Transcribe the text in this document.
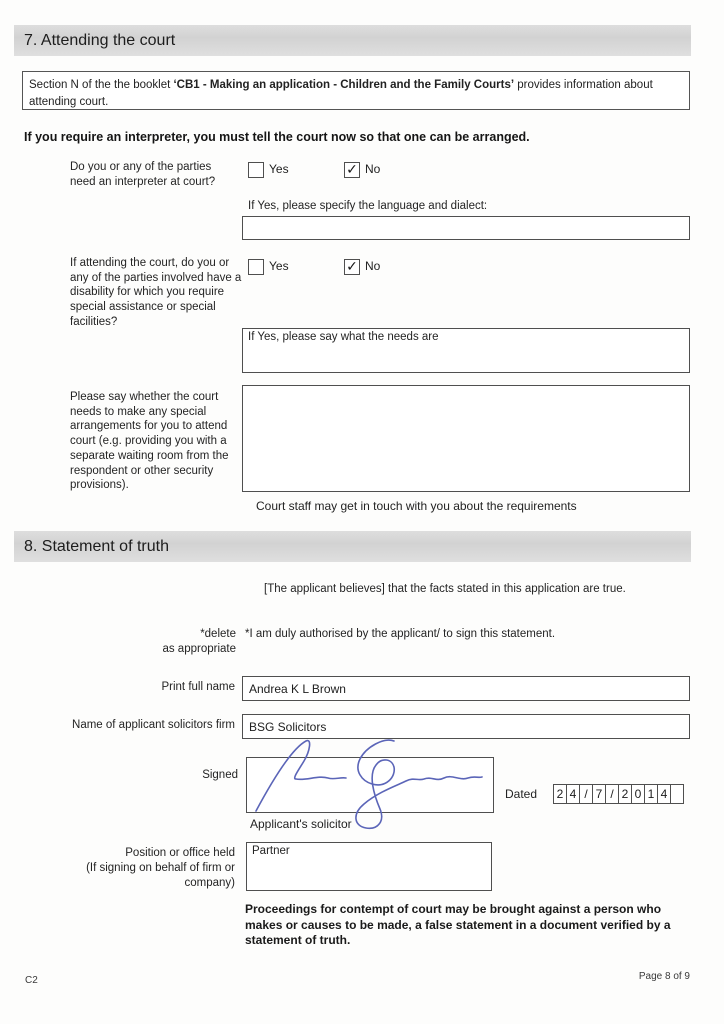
7. Attending the court
Section N of the the booklet ‘CB1 - Making an application - Children and the Family Courts’ provides information about attending court.
If you require an interpreter, you must tell the court now so that one can be arranged.
Do you or any of the parties need an interpreter at court?
Yes	✓ No
If Yes, please specify the language and dialect:
If attending the court, do you or any of the parties involved have a disability for which you require special assistance or special facilities?
Yes	✓ No
If Yes, please say what the needs are
Please say whether the court needs to make any special arrangements for you to attend court (e.g. providing you with a separate waiting room from the respondent or other security provisions).
Court staff may get in touch with you about the requirements
8. Statement of truth
[The applicant believes] that the facts stated in this application are true.
*delete
as appropriate
*I am duly authorised by the applicant/ to sign this statement.
Print full name
Andrea K L Brown
Name of applicant solicitors firm
BSG Solicitors
Signed
Applicant's solicitor
Dated	2 4 / 7 / 2 0 1 4
Position or office held
(If signing on behalf of firm or
company)
Partner
Proceedings for contempt of court may be brought against a person who makes or causes to be made, a false statement in a document verified by a statement of truth.
C2	Page 8 of 9
